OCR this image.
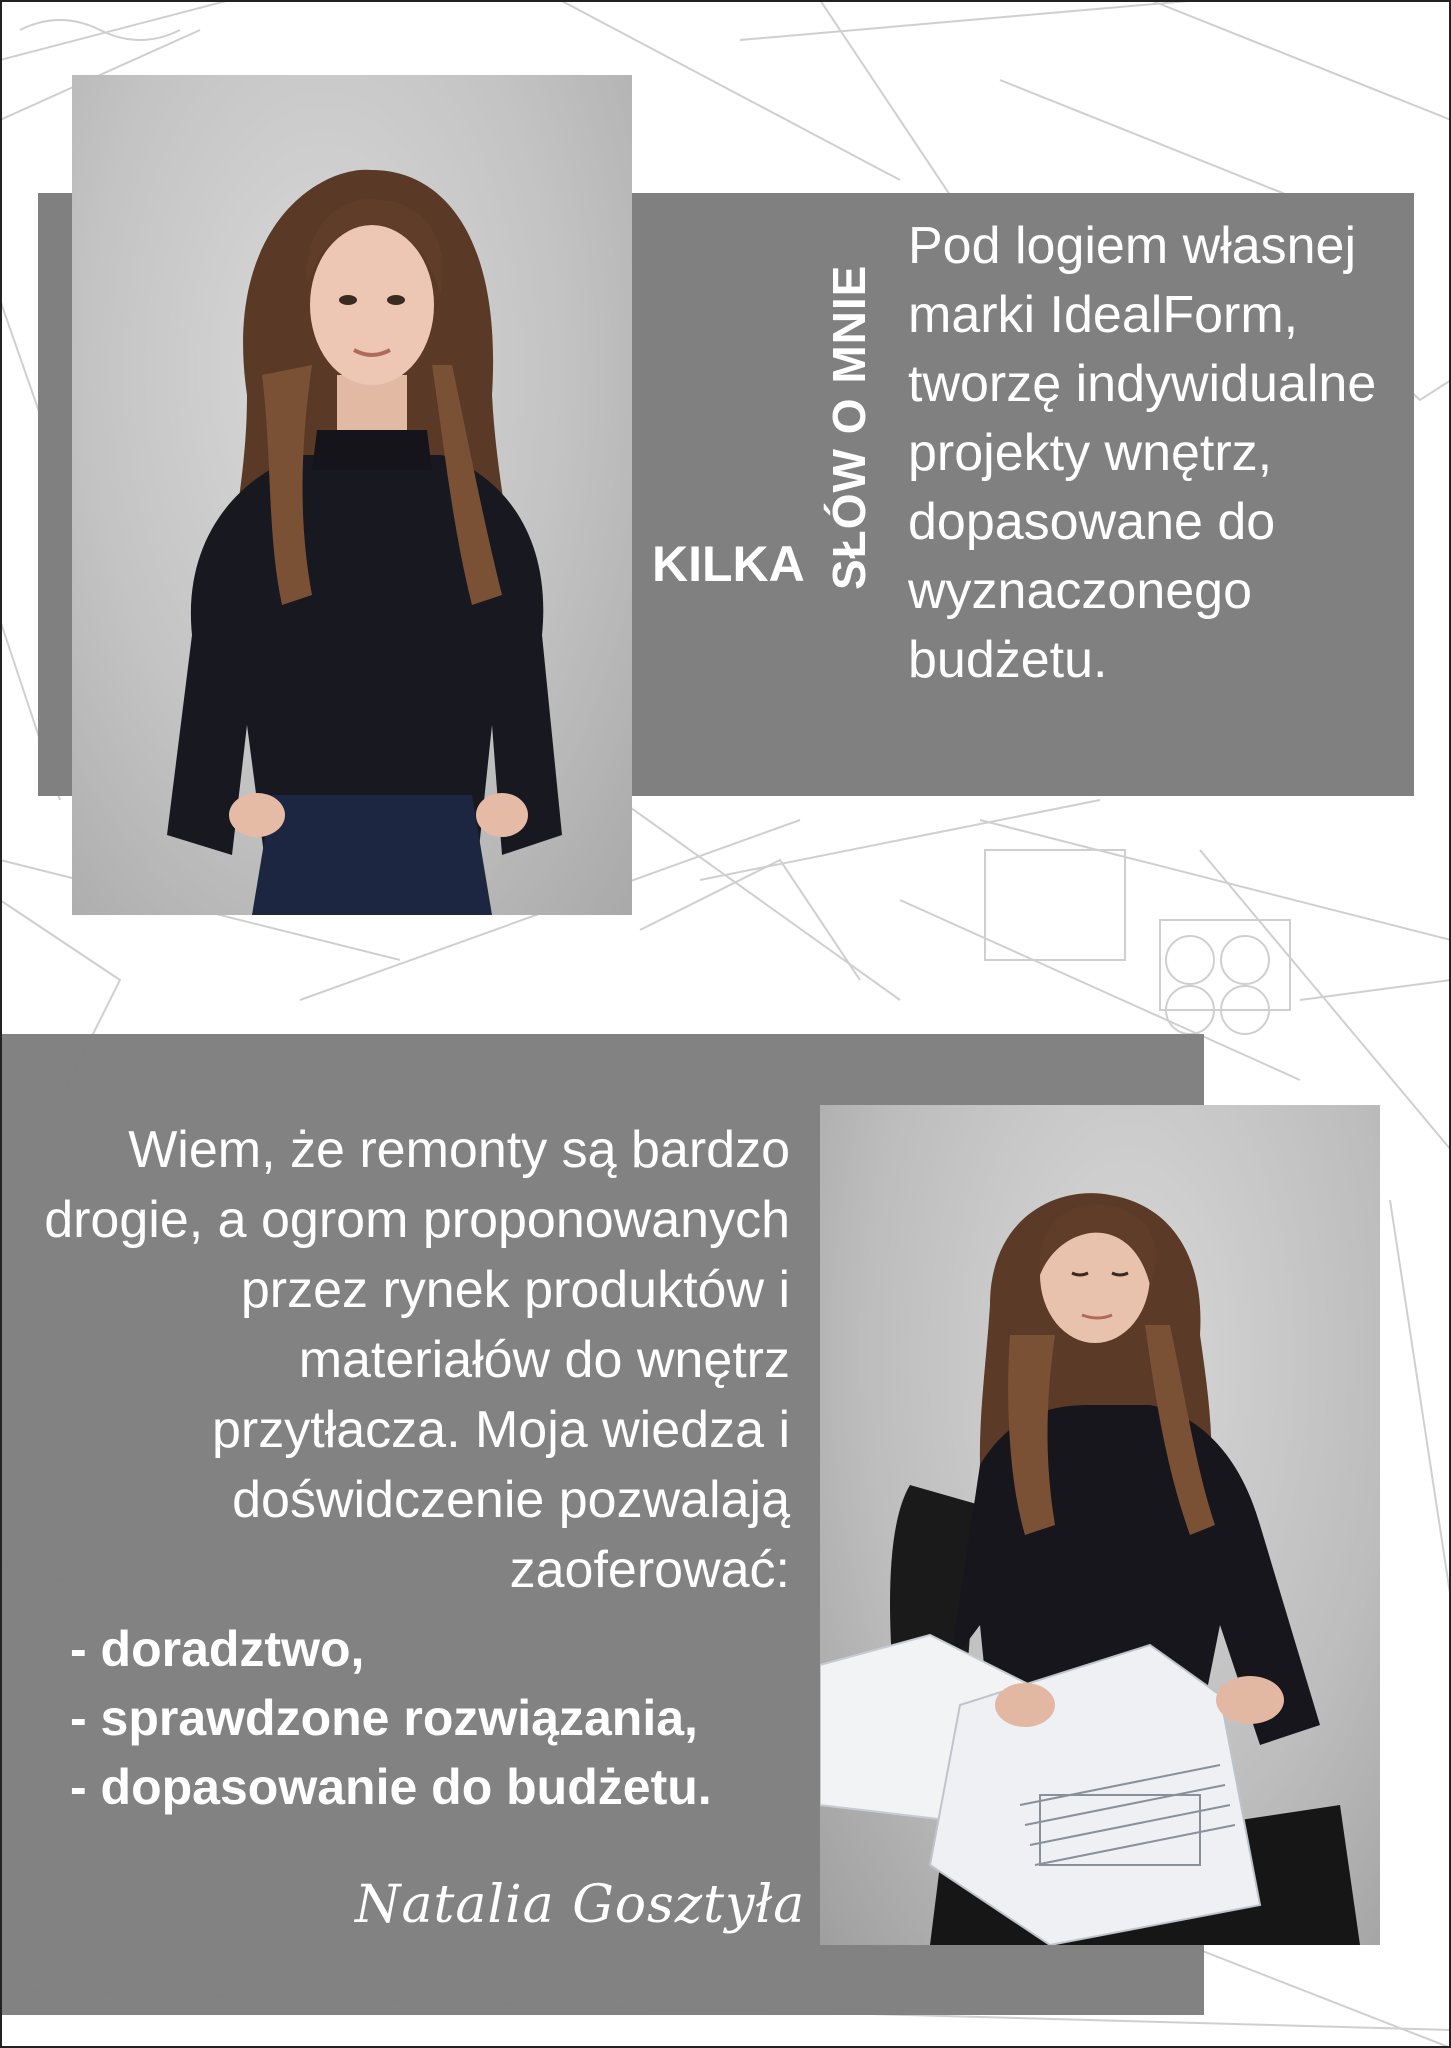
KILKA SŁÓW O MNIE

Pod logiem własnej marki IdealForm, tworzę indywidualne projekty wnętrz, dopasowane do wyznaczonego budżetu.

Wiem, że remonty są bardzo drogie, a ogrom proponowanych przez rynek produktów i materiałów do wnętrz przytłacza. Moja wiedza i doświdczenie pozwalają zaoferować:

- doradztwo,
- sprawdzone rozwiązania,
- dopasowanie do budżetu.
Natalia Gosztyła
